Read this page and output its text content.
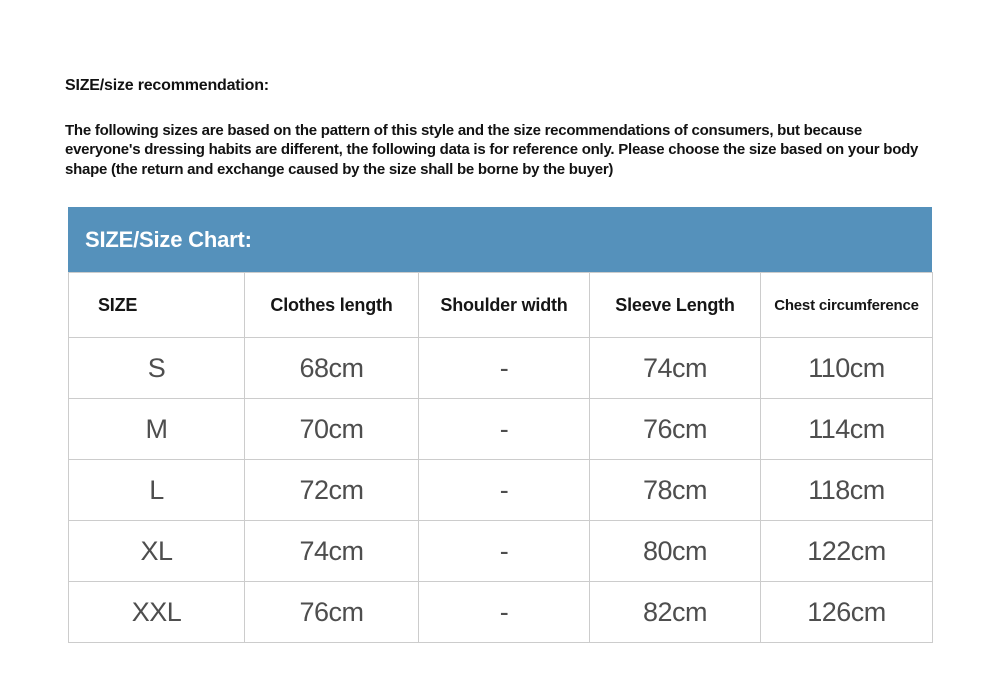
SIZE/size recommendation:
The following sizes are based on the pattern of this style and the size recommendations of consumers, but because everyone's dressing habits are different, the following data is for reference only. Please choose the size based on your body shape (the return and exchange caused by the size shall be borne by the buyer)
SIZE/Size Chart:
SIZE	Clothes length	Shoulder width	Sleeve Length	Chest circumference
S	68cm	-	74cm	110cm
M	70cm	-	76cm	114cm
L	72cm	-	78cm	118cm
XL	74cm	-	80cm	122cm
XXL	76cm	-	82cm	126cm
